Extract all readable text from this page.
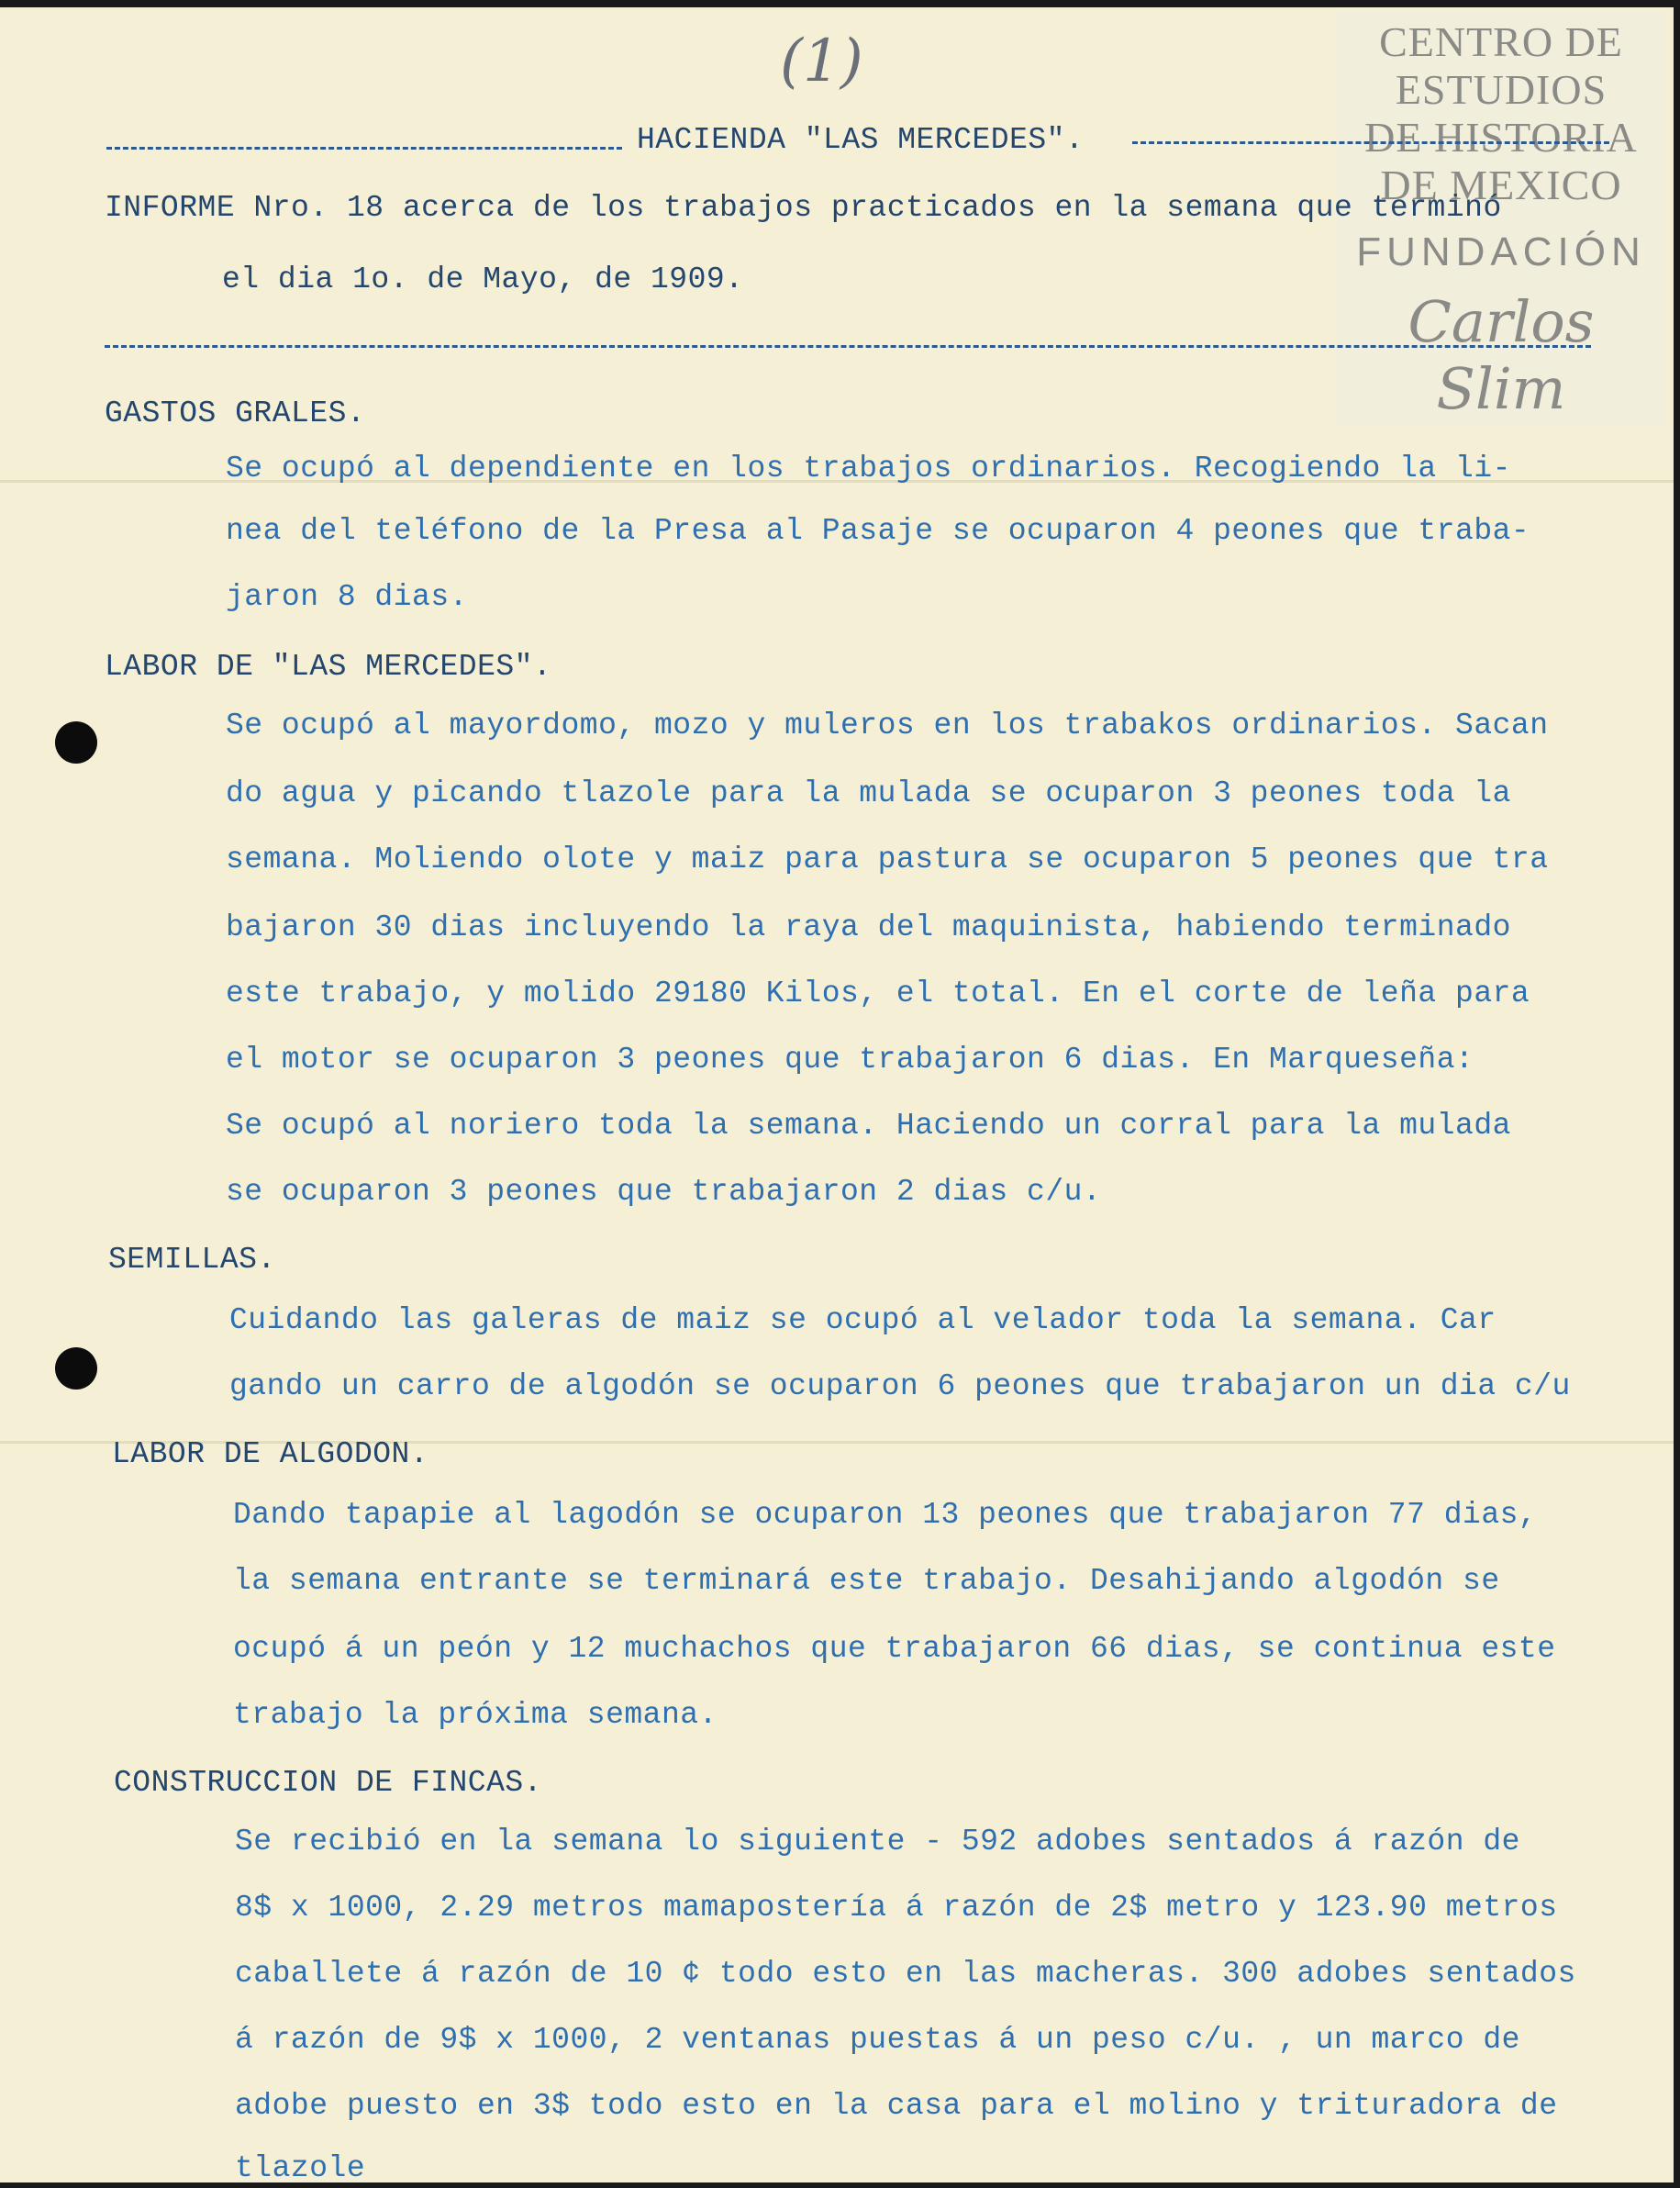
(1)	CENTRO DE
ESTUDIOS
DE HISTORIA
DE MEXICO
FUNDACIÓN
Carlos Slim
HACIENDA "LAS MERCEDES".
INFORME Nro. 18 acerca de los trabajos practicados en la semana que terminó
el dia 1o. de Mayo, de 1909.
GASTOS GRALES.
Se ocupó al dependiente en los trabajos ordinarios. Recogiendo la li-
nea del teléfono de la Presa al Pasaje se ocuparon 4 peones que traba-
jaron 8 dias.
LABOR DE "LAS MERCEDES".
Se ocupó al mayordomo, mozo y muleros en los trabakos ordinarios. Sacan
do agua y picando tlazole para la mulada se ocuparon 3 peones toda la
semana. Moliendo olote y maiz para pastura se ocuparon 5 peones que tra
bajaron 30 dias incluyendo la raya del maquinista, habiendo terminado
este trabajo, y molido 29180 Kilos, el total. En el corte de leña para
el motor se ocuparon 3 peones que trabajaron 6 dias. En Marqueseña:
Se ocupó al noriero toda la semana. Haciendo un corral para la mulada
se ocuparon 3 peones que trabajaron 2 dias c/u.
SEMILLAS.
Cuidando las galeras de maiz se ocupó al velador toda la semana. Car
gando un carro de algodón se ocuparon 6 peones que trabajaron un dia c/u
LABOR DE ALGODON.
Dando tapapie al lagodón se ocuparon 13 peones que trabajaron 77 dias,
la semana entrante se terminará este trabajo. Desahijando algodón se
ocupó á un peón y 12 muchachos que trabajaron 66 dias, se continua este
trabajo la próxima semana.
CONSTRUCCION DE FINCAS.
Se recibió en la semana lo siguiente - 592 adobes sentados á razón de
8$ x 1000, 2.29 metros mamapostería á razón de 2$ metro y 123.90 metros
caballete á razón de 10 ¢ todo esto en las macheras. 300 adobes sentados
á razón de 9$ x 1000, 2 ventanas puestas á un peso c/u. , un marco de
adobe puesto en 3$ todo esto en la casa para el molino y trituradora de
tlazole
